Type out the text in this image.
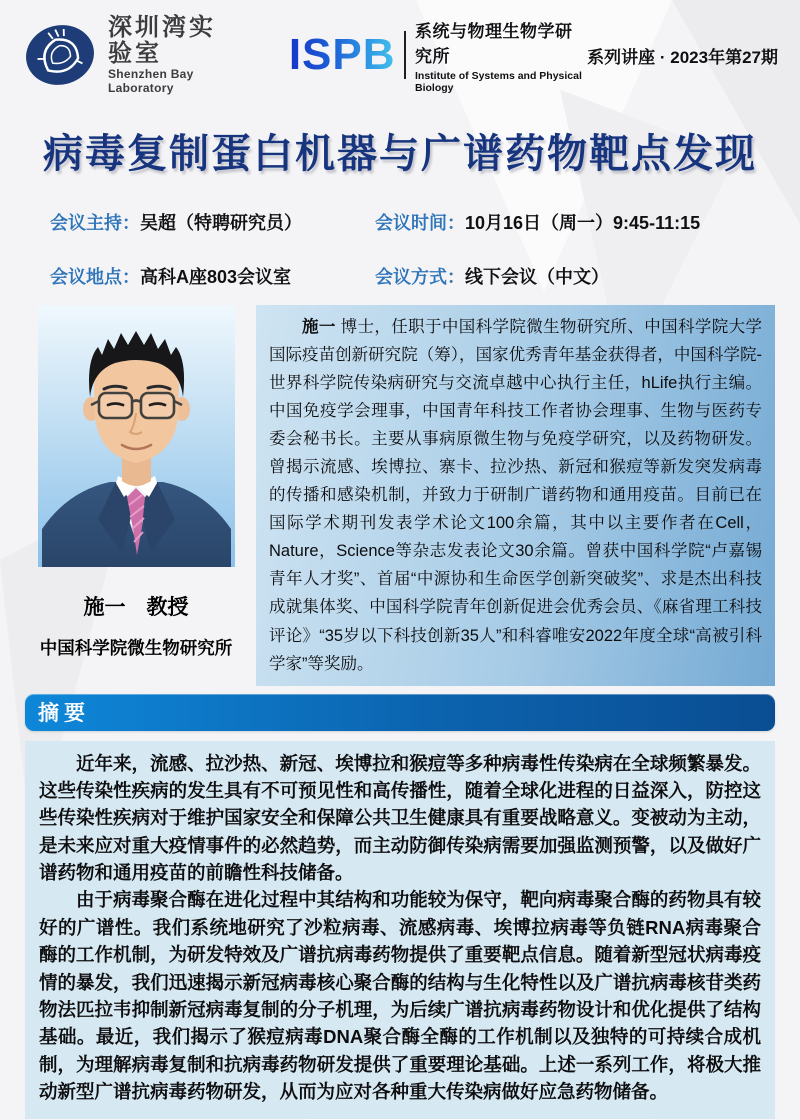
深圳湾实验室
Shenzhen Bay Laboratory
ISPB 系统与物理生物学研究所
Institute of Systems and Physical Biology
系列讲座 · 2023年第27期
病毒复制蛋白机器与广谱药物靶点发现
会议主持：吴超（特聘研究员）	会议时间：10月16日（周一）9:45-11:15
会议地点：高科A座803会议室	会议方式：线下会议（中文）
施一　教授
中国科学院微生物研究所
施一 博士，任职于中国科学院微生物研究所、中国科学院大学国际疫苗创新研究院（筹），国家优秀青年基金获得者，中国科学院-世界科学院传染病研究与交流卓越中心执行主任，hLife执行主编。中国免疫学会理事，中国青年科技工作者协会理事、生物与医药专委会秘书长。主要从事病原微生物与免疫学研究，以及药物研发。曾揭示流感、埃博拉、寨卡、拉沙热、新冠和猴痘等新发突发病毒的传播和感染机制，并致力于研制广谱药物和通用疫苗。目前已在国际学术期刊发表学术论文100余篇，其中以主要作者在Cell，Nature，Science等杂志发表论文30余篇。曾获中国科学院“卢嘉锡青年人才奖”、首届“中源协和生命医学创新突破奖”、求是杰出科技成就集体奖、中国科学院青年创新促进会优秀会员、《麻省理工科技评论》“35岁以下科技创新35人”和科睿唯安2022年度全球“高被引科学家”等奖励。
摘要

近年来，流感、拉沙热、新冠、埃博拉和猴痘等多种病毒性传染病在全球频繁暴发。这些传染性疾病的发生具有不可预见性和高传播性，随着全球化进程的日益深入，防控这些传染性疾病对于维护国家安全和保障公共卫生健康具有重要战略意义。变被动为主动，是未来应对重大疫情事件的必然趋势，而主动防御传染病需要加强监测预警，以及做好广谱药物和通用疫苗的前瞻性科技储备。

由于病毒聚合酶在进化过程中其结构和功能较为保守，靶向病毒聚合酶的药物具有较好的广谱性。我们系统地研究了沙粒病毒、流感病毒、埃博拉病毒等负链RNA病毒聚合酶的工作机制，为研发特效及广谱抗病毒药物提供了重要靶点信息。随着新型冠状病毒疫情的暴发，我们迅速揭示新冠病毒核心聚合酶的结构与生化特性以及广谱抗病毒核苷类药物法匹拉韦抑制新冠病毒复制的分子机理，为后续广谱抗病毒药物设计和优化提供了结构基础。最近，我们揭示了猴痘病毒DNA聚合酶全酶的工作机制以及独特的可持续合成机制，为理解病毒复制和抗病毒药物研发提供了重要理论基础。上述一系列工作，将极大推动新型广谱抗病毒药物研发，从而为应对各种重大传染病做好应急药物储备。
